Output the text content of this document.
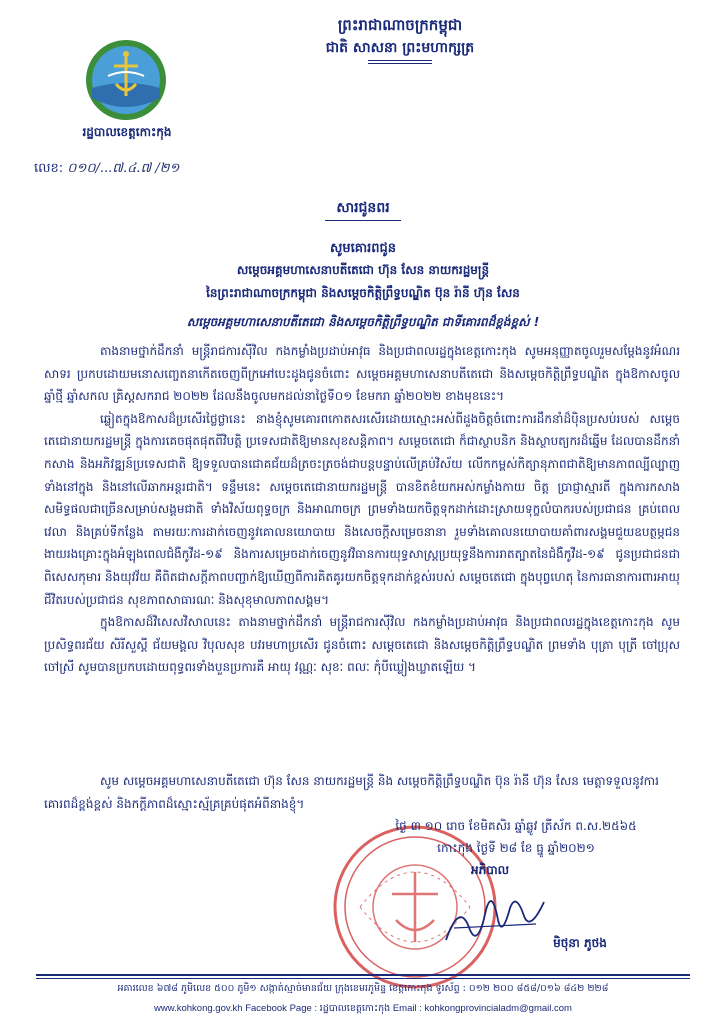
ព្រះរាជាណាចក្រកម្ពុជា
ជាតិ សាសនា ព្រះមហាក្សត្រ
រដ្ឋបាលខេត្តកោះកុង
លេខ: ០១០/...៧.៤.៧ /២១
សារជូនពរ
សូមគោរពជូន
សម្តេចអគ្គមហាសេនាបតីតេជោ ហ៊ុន សែន នាយករដ្ឋមន្ត្រី
នៃព្រះរាជាណាចក្រកម្ពុជា និងសម្តេចកិត្តិព្រឹទ្ធបណ្ឌិត ប៊ុន រ៉ានី ហ៊ុន សែន
សម្តេចអគ្គមហាសេនាបតីតេជោ និងសម្តេចកិត្តិព្រឹទ្ធបណ្ឌិត ជាទីគោរពដ៏ខ្ពង់ខ្ពស់ !

តាងនាមថ្នាក់ដឹកនាំ មន្ត្រីរាជការស៊ីវិល កងកម្លាំងប្រដាប់អាវុធ និងប្រជាពលរដ្ឋក្នុងខេត្តកោះកុង សូមអនុញ្ញាតចូលរួមសម្តែងនូវអំណរសាទរ ប្រកបដោយមនោសញ្ចេតនាកើតចេញពីក្រអៅបេះដូងជូនចំពោះ សម្តេចអគ្គមហាសេនាបតីតេជោ និងសម្តេចកិត្តិព្រឹទ្ធបណ្ឌិត ក្នុងឱកាសចូលឆ្នាំថ្មី ឆ្នាំសកល គ្រិស្តសករាជ ២០២២ ដែលនឹងចូលមកដល់នាថ្ងៃទី០១ ខែមករា ឆ្នាំ២០២២ ខាងមុខនេះ។

ឆ្លៀតក្នុងឱកាសដ៏ប្រសើរថ្លៃថ្លានេះ នាងខ្ញុំសូមគោរពកោតសរសើរដោយស្មោះអស់ពីដួងចិត្តចំពោះការដឹកនាំដ៏ប៉ិនប្រសប់របស់ សម្តេចតេជោនាយករដ្ឋមន្ត្រី ក្នុងការគេចផុតផុតពីវិបត្តិ ប្រទេសជាតិឱ្យមានសុខសន្តិភាព។ សម្តេចតេជោ ក៏ជាស្ថាបនិក និងស្ថាបត្យករដ៏ឆ្នើម ដែលបានដឹកនាំ កសាង និងអភិវឌ្ឍន៍ប្រទេសជាតិ ឱ្យទទួលបានជោគជ័យដ៏ត្រចះត្រចង់ជាបន្តបន្ទាប់លើគ្រប់វិស័យ លើកកម្ពស់កិត្យានុភាពជាតិឱ្យមានភាពល្បីល្បាញទាំងនៅក្នុង និងនៅលើឆាកអន្តរជាតិ។ ទន្ទឹមនេះ សម្តេចតេជោនាយករដ្ឋមន្ត្រី បានខិតខំយកអស់កម្លាំងកាយ ចិត្ត ប្រាជ្ញាស្មារតី ក្នុងការកសាងសមិទ្ធផលជាច្រើនសម្រាប់សង្គមជាតិ ទាំងវិស័យពុទ្ធចក្រ និងអាណាចក្រ ព្រមទាំងយកចិត្តទុកដាក់ដោះស្រាយទុក្ខលំបាករបស់ប្រជាជន គ្រប់ពេលវេលា និងគ្រប់ទីកន្លែង តាមរយៈការដាក់ចេញនូវគោលនយោបាយ និងសេចក្តីសម្រេចនានា រួមទាំងគោលនយោបាយគាំពារសង្គមជួយឧបត្ថម្ភជនងាយរងគ្រោះក្នុងអំឡុងពេលជំងឺកូវីដ-១៩ និងការសម្រេចដាក់ចេញនូវវិធានការយុទ្ធសាស្ត្រប្រយុទ្ធនឹងការរាតត្បាតនៃជំងឺកូវីដ-១៩ ជូនប្រជាជនជាពិសេសកុមារ និងយុវវ័យ គឺពិតជាសក្តីភាពបញ្ជាក់ឱ្យឃើញពីការគិតគូរយកចិត្តទុកដាក់ខ្ពស់របស់ សម្តេចតេជោ ក្នុងបុព្វហេតុ នៃការធានាការពារអាយុជីវិតរបស់ប្រជាជន សុខភាពសាធារណៈ និងសុខុមាលភាពសង្គម។

ក្នុងឱកាសដ៏វិសេសវិសាលនេះ តាងនាមថ្នាក់ដឹកនាំ មន្ត្រីរាជការស៊ីវិល កងកម្លាំងប្រដាប់អាវុធ និងប្រជាពលរដ្ឋក្នុងខេត្តកោះកុង សូមប្រសិទ្ធពរជ័យ សិរីសួស្តី ជ័យមង្គល វិបុលសុខ បវរមហាប្រសើរ ជូនចំពោះ សម្តេចតេជោ និងសម្តេចកិត្តិព្រឹទ្ធបណ្ឌិត ព្រមទាំង បុត្រា បុត្រី ចៅប្រុស ចៅស្រី សូមបានប្រកបដោយពុទ្ធពរទាំងបួនប្រការគឺ អាយុ វណ្ណៈ សុខៈ ពលៈ កុំបីឃ្លៀងឃ្លាតឡើយ ។

សូម សម្តេចអគ្គមហាសេនាបតីតេជោ ហ៊ុន សែន នាយករដ្ឋមន្ត្រី និង សម្តេចកិត្តិព្រឹទ្ធបណ្ឌិត ប៊ុន រ៉ានី ហ៊ុន សែន មេត្តាទទួលនូវការគោរពដ៏ខ្ពង់ខ្ពស់ និងកក្តីភាពដ៏ស្មោះស្ម័គ្រគ្រប់ផុតអំពីនាងខ្ញុំ។
ថ្ងៃ ៣ ១០ រោច ខែមិគសិរ ឆ្នាំឆ្លូវ ត្រីស័ក ព.ស.២៥៦៥
កោះកុង ថ្ងៃទី ២៨ ខែ ធ្នូ ឆ្នាំ២០២១
អភិបាល
មិថុនា ភូថង
អគារលេខ ៦៧៨ ភូមិលេខ ៥០០ ភូមិ១ សង្កាត់ស្មាច់មានជ័យ ក្រុងខេមរភូមិន្ទ ខេត្តកោះកុង ទូរស័ព្ទ : ០១២ ២០០ ៨៥៨/០១៦ ៨៤២ ២២៨
www.kohkong.gov.kh Facebook Page : រដ្ឋបាលខេត្តកោះកុង Email : kohkongprovincialadm@gmail.com
